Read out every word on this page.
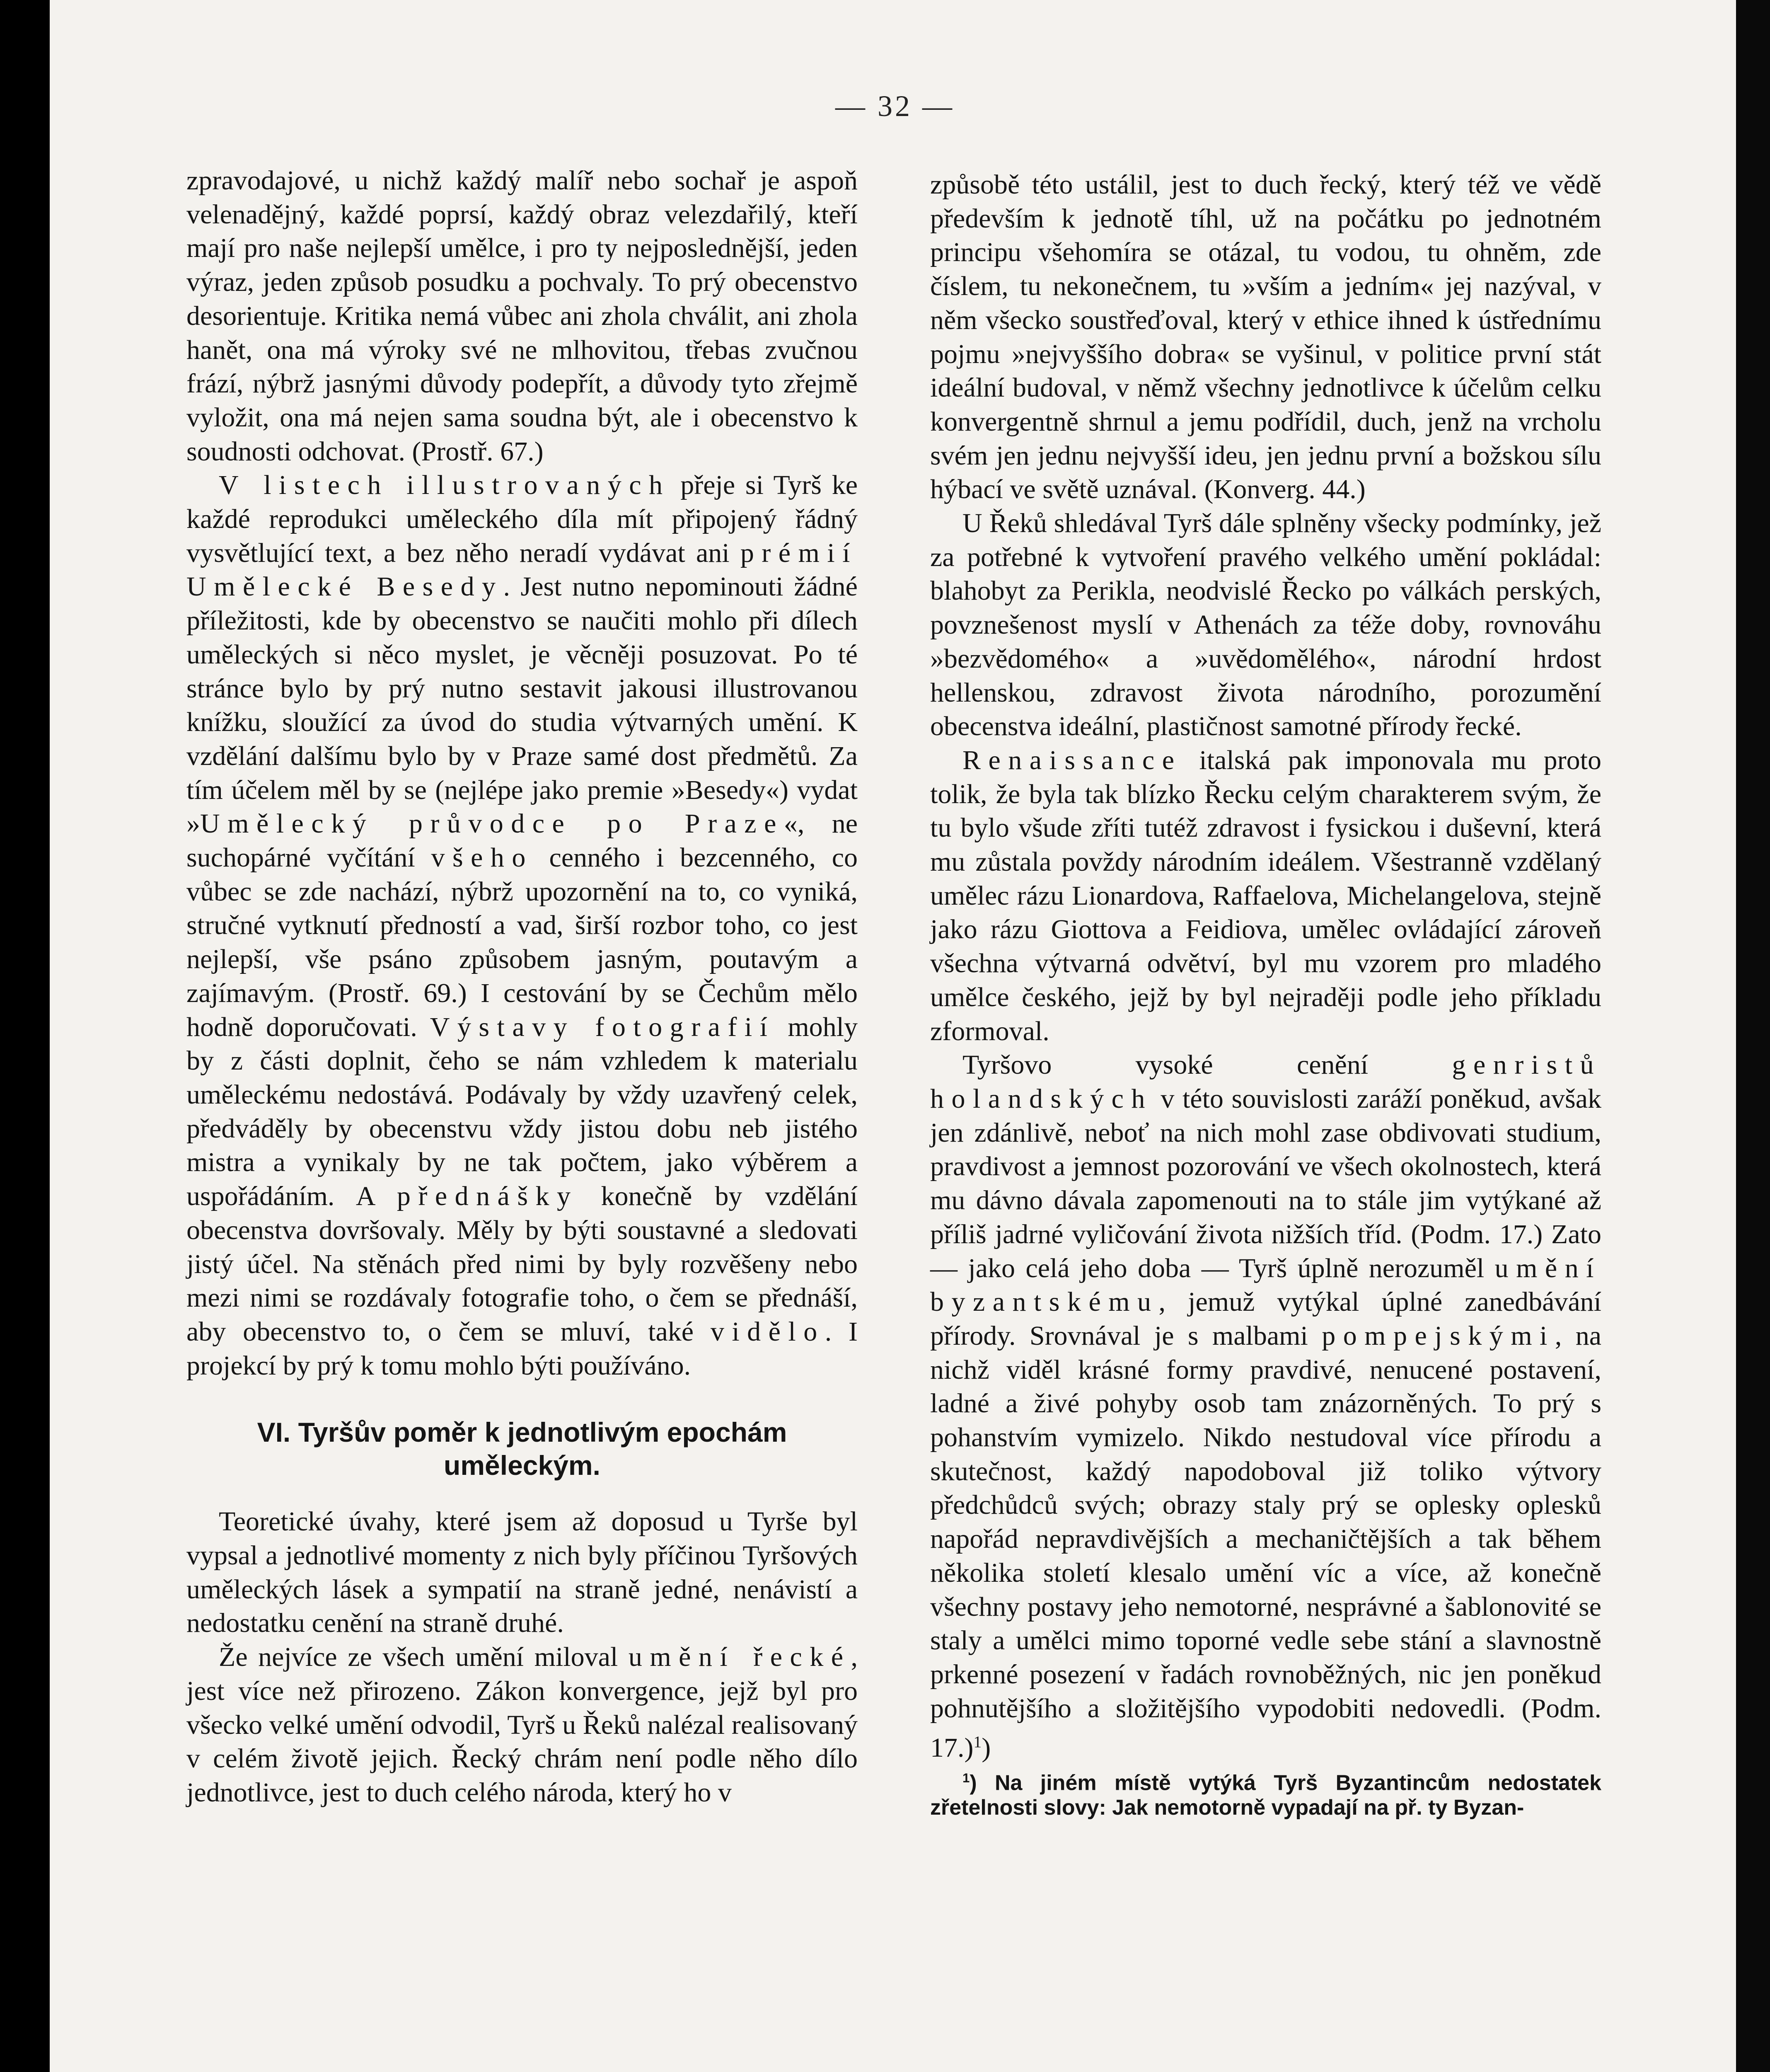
— 32 —

zpravodajové, u nichž každý malíř nebo sochař je aspoň velenadějný, každé poprsí, každý obraz velezdařilý, kteří mají pro naše nejlepší umělce, i pro ty nejposlednější, jeden výraz, jeden způsob posudku a pochvaly. To prý obecenstvo desorientuje. Kritika nemá vůbec ani zhola chválit, ani zhola hanět, ona má výroky své ne mlhovitou, třebas zvučnou frází, nýbrž jasnými důvody podepřít, a důvody tyto zřejmě vyložit, ona má nejen sama soudna být, ale i obecenstvo k soudnosti odchovat. (Prostř. 67.)

V listech illustrovaných přeje si Tyrš ke každé reprodukci uměleckého díla mít připojený řádný vysvětlující text, a bez něho neradí vydávat ani prémií Umělecké Besedy. Jest nutno nepominouti žádné příležitosti, kde by obecenstvo se naučiti mohlo při dílech uměleckých si něco myslet, je věcněji posuzovat. Po té stránce bylo by prý nutno sestavit jakousi illustrovanou knížku, sloužící za úvod do studia výtvarných umění. K vzdělání dalšímu bylo by v Praze samé dost předmětů. Za tím účelem měl by se (nejlépe jako premie »Besedy«) vydat »Umělecký průvodce po Praze«, ne suchopárné vyčítání všeho cenného i bezcenného, co vůbec se zde nachází, nýbrž upozornění na to, co vyniká, stručné vytknutí předností a vad, širší rozbor toho, co jest nejlepší, vše psáno způsobem jasným, poutavým a zajímavým. (Prostř. 69.) I cestování by se Čechům mělo hodně doporučovati. Výstavy fotografií mohly by z části doplnit, čeho se nám vzhledem k materialu uměleckému nedostává. Podávaly by vždy uzavřený celek, předváděly by obecenstvu vždy jistou dobu neb jistého mistra a vynikaly by ne tak počtem, jako výběrem a uspořádáním. A přednášky konečně by vzdělání obecenstva dovršovaly. Měly by býti soustavné a sledovati jistý účel. Na stěnách před nimi by byly rozvěšeny nebo mezi nimi se rozdávaly fotografie toho, o čem se přednáší, aby obecenstvo to, o čem se mluví, také vidělo. I projekcí by prý k tomu mohlo býti používáno.

VI. Tyršův poměr k jednotlivým epochám uměleckým.

Teoretické úvahy, které jsem až doposud u Tyrše byl vypsal a jednotlivé momenty z nich byly příčinou Tyršových uměleckých lásek a sympatií na straně jedné, nenávistí a nedostatku cenění na straně druhé.

Že nejvíce ze všech umění miloval umění řecké, jest více než přirozeno. Zákon konvergence, jejž byl pro všecko velké umění odvodil, Tyrš u Řeků nalézal realisovaný v celém životě jejich. Řecký chrám není podle něho dílo jednotlivce, jest to duch celého národa, který ho v

způsobě této ustálil, jest to duch řecký, který též ve vědě především k jednotě tíhl, už na počátku po jednotném principu všehomíra se otázal, tu vodou, tu ohněm, zde číslem, tu nekonečnem, tu »vším a jedním« jej nazýval, v něm všecko soustřeďoval, který v ethice ihned k ústřednímu pojmu »nejvyššího dobra« se vyšinul, v politice první stát ideální budoval, v němž všechny jednotlivce k účelům celku konvergentně shrnul a jemu podřídil, duch, jenž na vrcholu svém jen jednu nejvyšší ideu, jen jednu první a božskou sílu hýbací ve světě uznával. (Konverg. 44.)

U Řeků shledával Tyrš dále splněny všecky podmínky, jež za potřebné k vytvoření pravého velkého umění pokládal: blahobyt za Perikla, neodvislé Řecko po válkách perských, povznešenost myslí v Athenách za téže doby, rovnováhu »bezvědomého« a »uvědomělého«, národní hrdost hellenskou, zdravost života národního, porozumění obecenstva ideální, plastičnost samotné přírody řecké.

Renaissance italská pak imponovala mu proto tolik, že byla tak blízko Řecku celým charakterem svým, že tu bylo všude zříti tutéž zdravost i fysickou i duševní, která mu zůstala povždy národním ideálem. Všestranně vzdělaný umělec rázu Lionardova, Raffaelova, Michelangelova, stejně jako rázu Giottova a Feidiova, umělec ovládající zároveň všechna výtvarná odvětví, byl mu vzorem pro mladého umělce českého, jejž by byl nejraději podle jeho příkladu zformoval.

Tyršovo vysoké cenění genristů holandských v této souvislosti zaráží poněkud, avšak jen zdánlivě, neboť na nich mohl zase obdivovati studium, pravdivost a jemnost pozorování ve všech okolnostech, která mu dávno dávala zapomenouti na to stále jim vytýkané až příliš jadrné vyličování života nižších tříd. (Podm. 17.) Zato — jako celá jeho doba — Tyrš úplně nerozuměl umění byzantskému, jemuž vytýkal úplné zanedbávání přírody. Srovnával je s malbami pompejskými, na nichž viděl krásné formy pravdivé, nenucené postavení, ladné a živé pohyby osob tam znázorněných. To prý s pohanstvím vymizelo. Nikdo nestudoval více přírodu a skutečnost, každý napodoboval již toliko výtvory předchůdců svých; obrazy staly prý se oplesky oplesků napořád nepravdivějších a mechaničtějších a tak během několika století klesalo umění víc a více, až konečně všechny postavy jeho nemotorné, nesprávné a šablonovité se staly a umělci mimo toporné vedle sebe stání a slavnostně prkenné posezení v řadách rovnoběžných, nic jen poněkud pohnutějšího a složitějšího vypodobiti nedovedli. (Podm. 17.)$^1$)

$^1$) Na jiném místě vytýká Tyrš Byzantincům nedostatek zřetelnosti slovy: Jak nemotorně vypadají na př. ty Byzan-
